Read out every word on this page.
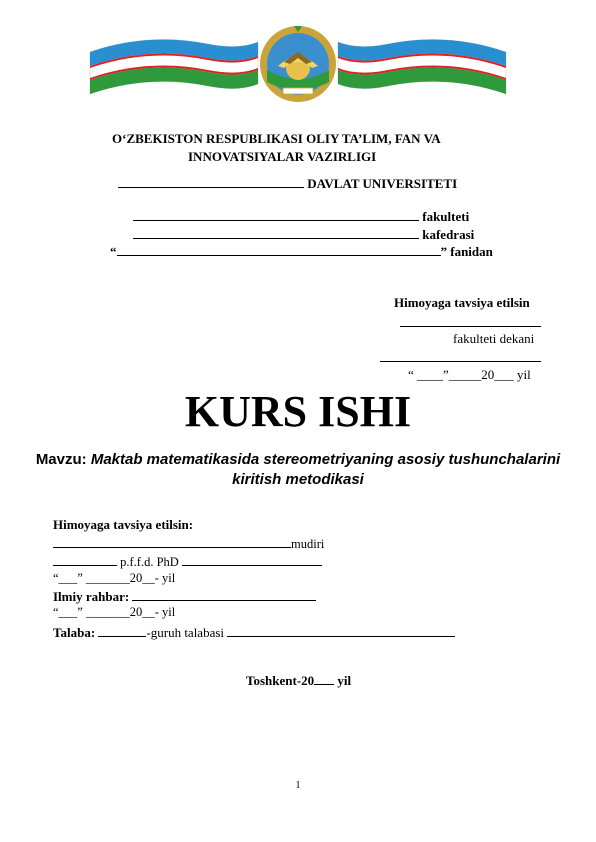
O‘ZBEKISTON RESPUBLIKASI OLIY TA’LIM, FAN VA
INNOVATSIYALAR VAZIRLIGI
DAVLAT UNIVERSITETI
fakulteti
kafedrasi
“	” fanidan
Himoyaga tavsiya etilsin
fakulteti dekani
“ ____”_____20___ yil
KURS ISHI
Mavzu: Maktab matematikasida stereometriyaning asosiy tushunchalarini
kiritish metodikasi
Himoyaga tavsiya etilsin:
mudiri
p.f.f.d. PhD
“___” _______20__- yil
Ilmiy rahbar:
“___” _______20__- yil
Talaba:	-guruh talabasi
Toshkent-20 yil
1
